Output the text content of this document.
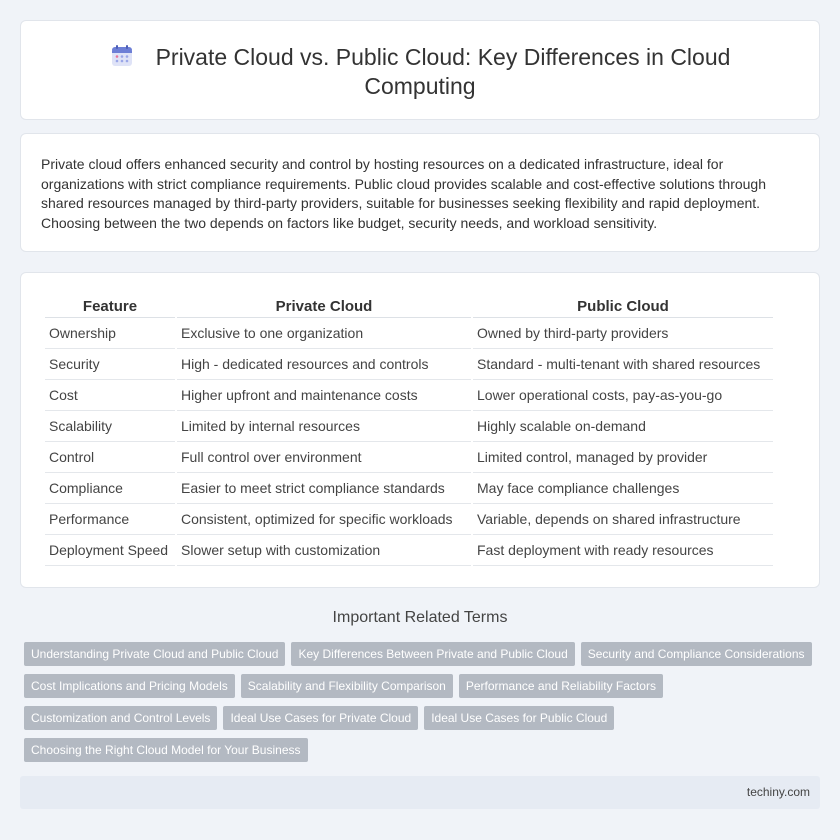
Private Cloud vs. Public Cloud: Key Differences in Cloud Computing

Private cloud offers enhanced security and control by hosting resources on a dedicated infrastructure, ideal for organizations with strict compliance requirements. Public cloud provides scalable and cost-effective solutions through shared resources managed by third-party providers, suitable for businesses seeking flexibility and rapid deployment. Choosing between the two depends on factors like budget, security needs, and workload sensitivity.

Feature	Private Cloud	Public Cloud
Ownership	Exclusive to one organization	Owned by third-party providers
Security	High - dedicated resources and controls	Standard - multi-tenant with shared resources
Cost	Higher upfront and maintenance costs	Lower operational costs, pay-as-you-go
Scalability	Limited by internal resources	Highly scalable on-demand
Control	Full control over environment	Limited control, managed by provider
Compliance	Easier to meet strict compliance standards	May face compliance challenges
Performance	Consistent, optimized for specific workloads	Variable, depends on shared infrastructure
Deployment Speed	Slower setup with customization	Fast deployment with ready resources
Important Related Terms
Understanding Private Cloud and Public Cloud Key Differences Between Private and Public Cloud Security and Compliance Considerations
Cost Implications and Pricing Models Scalability and Flexibility Comparison Performance and Reliability Factors
Customization and Control Levels Ideal Use Cases for Private Cloud Ideal Use Cases for Public Cloud
Choosing the Right Cloud Model for Your Business
techiny.com
